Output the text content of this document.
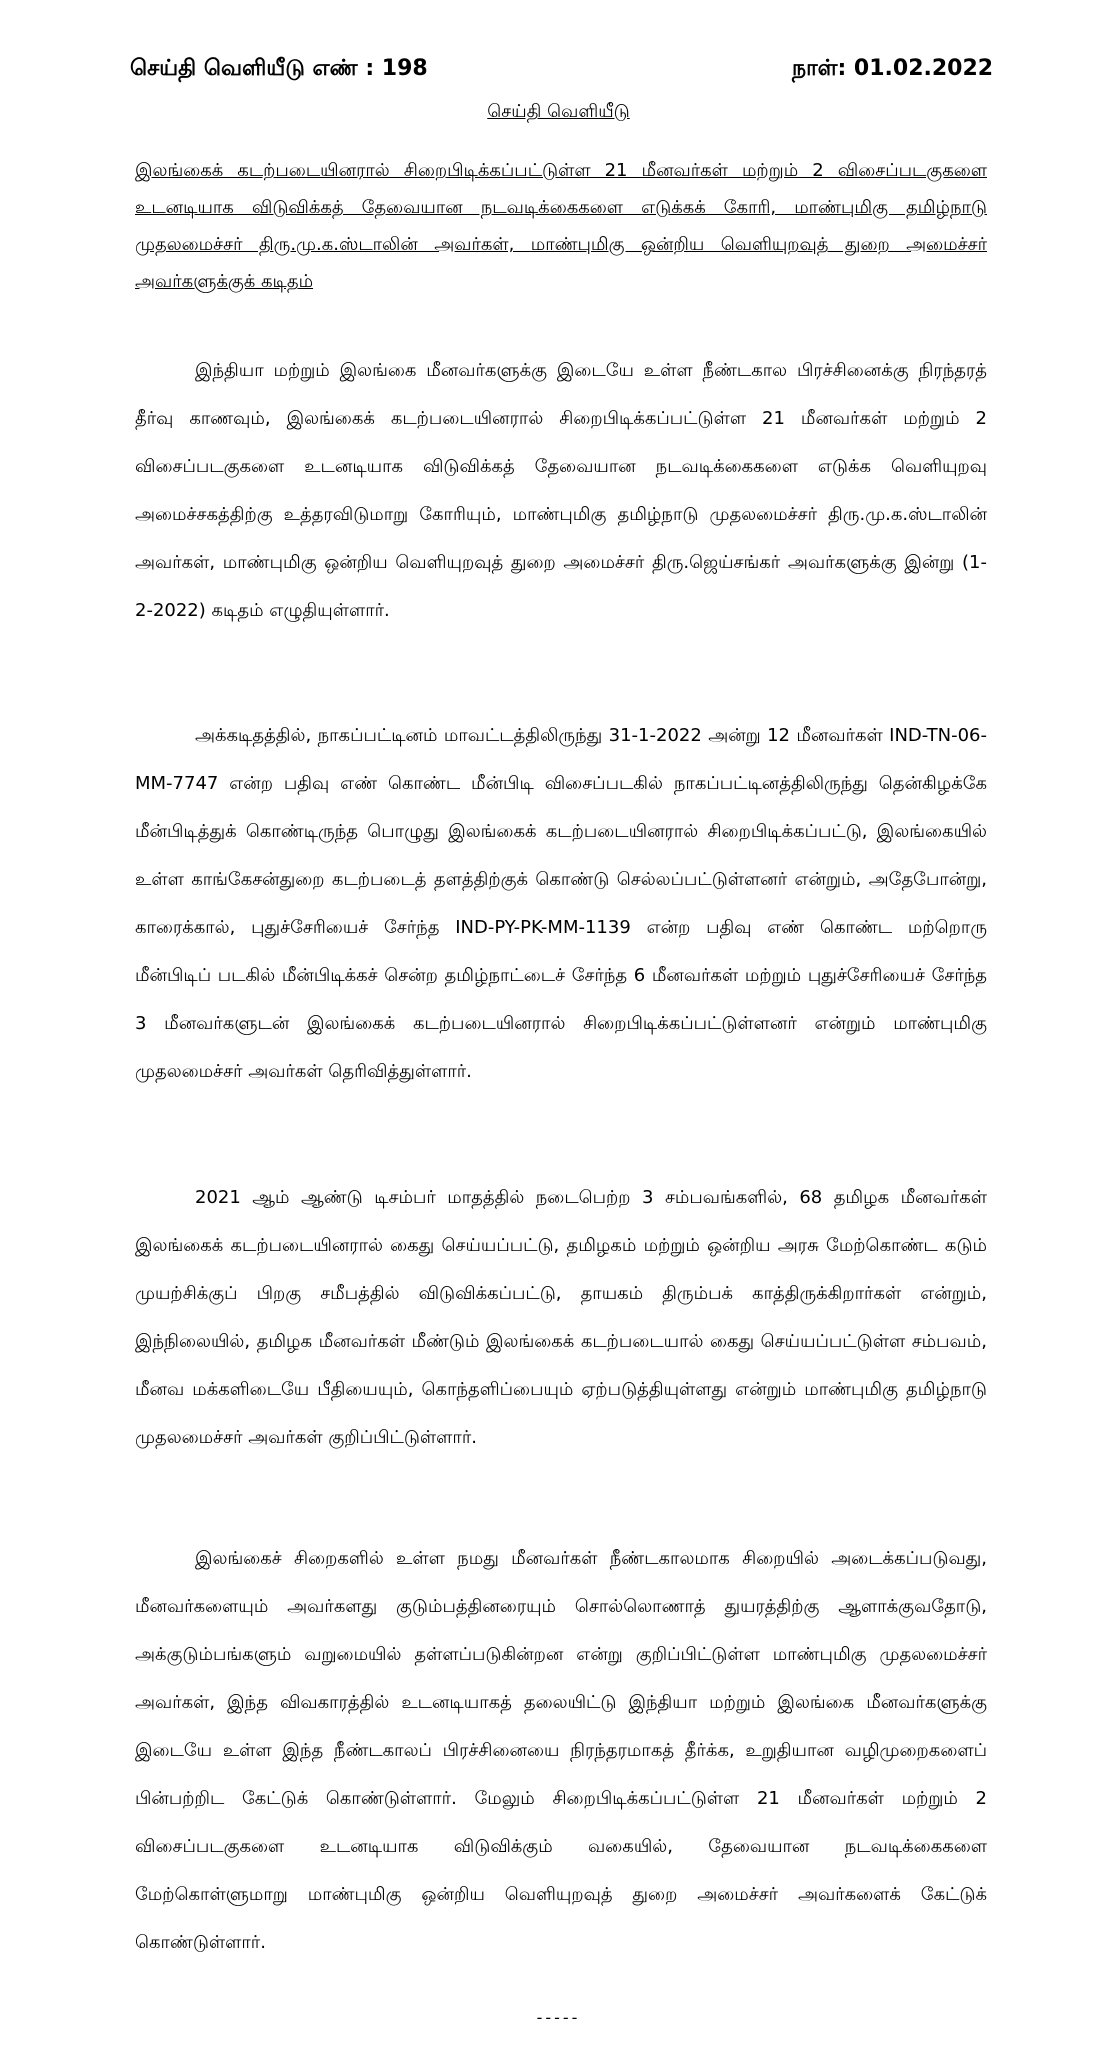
செய்தி வெளியீடு எண் : 198	நாள்: 01.02.2022
செய்தி வெளியீடு
இலங்கைக் கடற்படையினரால் சிறைபிடிக்கப்பட்டுள்ள 21 மீனவர்கள் மற்றும் 2 விசைப்படகுகளை உடனடியாக விடுவிக்கத் தேவையான நடவடிக்கைகளை எடுக்கக் கோரி, மாண்புமிகு தமிழ்நாடு முதலமைச்சர் திரு.மு.க.ஸ்டாலின் அவர்கள், மாண்புமிகு ஒன்றிய வெளியுறவுத் துறை அமைச்சர் அவர்களுக்குக் கடிதம்

இந்தியா மற்றும் இலங்கை மீனவர்களுக்கு இடையே உள்ள நீண்டகால பிரச்சினைக்கு நிரந்தரத் தீர்வு காணவும், இலங்கைக் கடற்படையினரால் சிறைபிடிக்கப்பட்டுள்ள 21 மீனவர்கள் மற்றும் 2 விசைப்படகுகளை உடனடியாக விடுவிக்கத் தேவையான நடவடிக்கைகளை எடுக்க வெளியுறவு அமைச்சகத்திற்கு உத்தரவிடுமாறு கோரியும், மாண்புமிகு தமிழ்நாடு முதலமைச்சர் திரு.மு.க.ஸ்டாலின் அவர்கள், மாண்புமிகு ஒன்றிய வெளியுறவுத் துறை அமைச்சர் திரு.ஜெய்சங்கர் அவர்களுக்கு இன்று (1-2-2022) கடிதம் எழுதியுள்ளார்.

அக்கடிதத்தில், நாகப்பட்டினம் மாவட்டத்திலிருந்து 31-1-2022 அன்று 12 மீனவர்கள் IND-TN-06-MM-7747 என்ற பதிவு எண் கொண்ட மீன்பிடி விசைப்படகில் நாகப்பட்டினத்திலிருந்து தென்கிழக்கே மீன்பிடித்துக் கொண்டிருந்த பொழுது இலங்கைக் கடற்படையினரால் சிறைபிடிக்கப்பட்டு, இலங்கையில் உள்ள காங்கேசன்துறை கடற்படைத் தளத்திற்குக் கொண்டு செல்லப்பட்டுள்ளனர் என்றும், அதேபோன்று, காரைக்கால், புதுச்சேரியைச் சேர்ந்த IND-PY-PK-MM-1139 என்ற பதிவு எண் கொண்ட மற்றொரு மீன்பிடிப் படகில் மீன்பிடிக்கச் சென்ற தமிழ்நாட்டைச் சேர்ந்த 6 மீனவர்கள் மற்றும் புதுச்சேரியைச் சேர்ந்த 3 மீனவர்களுடன் இலங்கைக் கடற்படையினரால் சிறைபிடிக்கப்பட்டுள்ளனர் என்றும் மாண்புமிகு முதலமைச்சர் அவர்கள் தெரிவித்துள்ளார்.

2021 ஆம் ஆண்டு டிசம்பர் மாதத்தில் நடைபெற்ற 3 சம்பவங்களில், 68 தமிழக மீனவர்கள் இலங்கைக் கடற்படையினரால் கைது செய்யப்பட்டு, தமிழகம் மற்றும் ஒன்றிய அரசு மேற்கொண்ட கடும் முயற்சிக்குப் பிறகு சமீபத்தில் விடுவிக்கப்பட்டு, தாயகம் திரும்பக் காத்திருக்கிறார்கள் என்றும், இந்நிலையில், தமிழக மீனவர்கள் மீண்டும் இலங்கைக் கடற்படையால் கைது செய்யப்பட்டுள்ள சம்பவம், மீனவ மக்களிடையே பீதியையும், கொந்தளிப்பையும் ஏற்படுத்தியுள்ளது என்றும் மாண்புமிகு தமிழ்நாடு முதலமைச்சர் அவர்கள் குறிப்பிட்டுள்ளார்.

இலங்கைச் சிறைகளில் உள்ள நமது மீனவர்கள் நீண்டகாலமாக சிறையில் அடைக்கப்படுவது, மீனவர்களையும் அவர்களது குடும்பத்தினரையும் சொல்லொணாத் துயரத்திற்கு ஆளாக்குவதோடு, அக்குடும்பங்களும் வறுமையில் தள்ளப்படுகின்றன என்று குறிப்பிட்டுள்ள மாண்புமிகு முதலமைச்சர் அவர்கள், இந்த விவகாரத்தில் உடனடியாகத் தலையிட்டு இந்தியா மற்றும் இலங்கை மீனவர்களுக்கு இடையே உள்ள இந்த நீண்டகாலப் பிரச்சினையை நிரந்தரமாகத் தீர்க்க, உறுதியான வழிமுறைகளைப் பின்பற்றிட கேட்டுக் கொண்டுள்ளார். மேலும் சிறைபிடிக்கப்பட்டுள்ள 21 மீனவர்கள் மற்றும் 2 விசைப்படகுகளை உடனடியாக விடுவிக்கும் வகையில், தேவையான நடவடிக்கைகளை மேற்கொள்ளுமாறு மாண்புமிகு ஒன்றிய வெளியுறவுத் துறை அமைச்சர் அவர்களைக் கேட்டுக் கொண்டுள்ளார்.

-----
